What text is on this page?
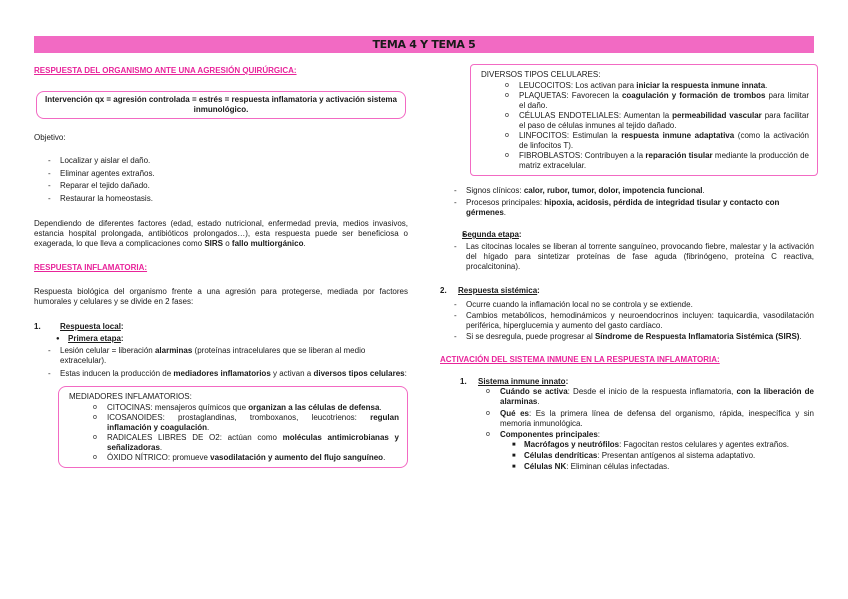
TEMA 4 Y TEMA 5
RESPUESTA DEL ORGANISMO ANTE UNA AGRESIÓN QUIRÚRGICA:
Intervención qx = agresión controlada = estrés = respuesta inflamatoria y activación sistema inmunológico.
Objetivo:
- Localizar y aislar el daño.
- Eliminar agentes extraños.
- Reparar el tejido dañado.
- Restaurar la homeostasis.

Dependiendo de diferentes factores (edad, estado nutricional, enfermedad previa, medios invasivos, estancia hospital prolongada, antibióticos prolongados…), esta respuesta puede ser beneficiosa o exagerada, lo que lleva a complicaciones como SIRS o fallo multiorgánico.

RESPUESTA INFLAMATORIA:

Respuesta biológica del organismo frente a una agresión para protegerse, mediada por factores humorales y celulares y se divide en 2 fases:

1. Respuesta local:
● Primera etapa:
- Lesión celular = liberación alarminas (proteínas intracelulares que se liberan al medio extracelular).
- Estas inducen la producción de mediadores inflamatorios y activan a diversos tipos celulares:
MEDIADORES INFLAMATORIOS:
o CITOCINAS: mensajeros químicos que organizan a las células de defensa.
o ICOSANOIDES: prostaglandinas, tromboxanos, leucotrienos: regulan inflamación y coagulación.
o RADICALES LIBRES DE O2: actúan como moléculas antimicrobianas y señalizadoras.
o ÓXIDO NÍTRICO: promueve vasodilatación y aumento del flujo sanguíneo.
DIVERSOS TIPOS CELULARES:
o LEUCOCITOS: Los activan para iniciar la respuesta inmune innata.
o PLAQUETAS: Favorecen la coagulación y formación de trombos para limitar el daño.
o CÉLULAS ENDOTELIALES: Aumentan la permeabilidad vascular para facilitar el paso de células inmunes al tejido dañado.
o LINFOCITOS: Estimulan la respuesta inmune adaptativa (como la activación de linfocitos T).
o FIBROBLASTOS: Contribuyen a la reparación tisular mediante la producción de matriz extracelular.
- Signos clínicos: calor, rubor, tumor, dolor, impotencia funcional.
- Procesos principales: hipoxia, acidosis, pérdida de integridad tisular y contacto con gérmenes.
● Segunda etapa:
- Las citocinas locales se liberan al torrente sanguíneo, provocando fiebre, malestar y la activación del hígado para sintetizar proteínas de fase aguda (fibrinógeno, proteína C reactiva, procalcitonina).
2. Respuesta sistémica:
- Ocurre cuando la inflamación local no se controla y se extiende.
- Cambios metabólicos, hemodinámicos y neuroendocrinos incluyen: taquicardia, vasodilatación periférica, hiperglucemia y aumento del gasto cardíaco.
- Si se desregula, puede progresar al Síndrome de Respuesta Inflamatoria Sistémica (SIRS).
ACTIVACIÓN DEL SISTEMA INMUNE EN LA RESPUESTA INFLAMATORIA:
1. Sistema inmune innato:
o Cuándo se activa: Desde el inicio de la respuesta inflamatoria, con la liberación de alarminas.
o Qué es: Es la primera línea de defensa del organismo, rápida, inespecífica y sin memoria inmunológica.
o Componentes principales:
■ Macrófagos y neutrófilos: Fagocitan restos celulares y agentes extraños.
■ Células dendríticas: Presentan antígenos al sistema adaptativo.
■ Células NK: Eliminan células infectadas.
